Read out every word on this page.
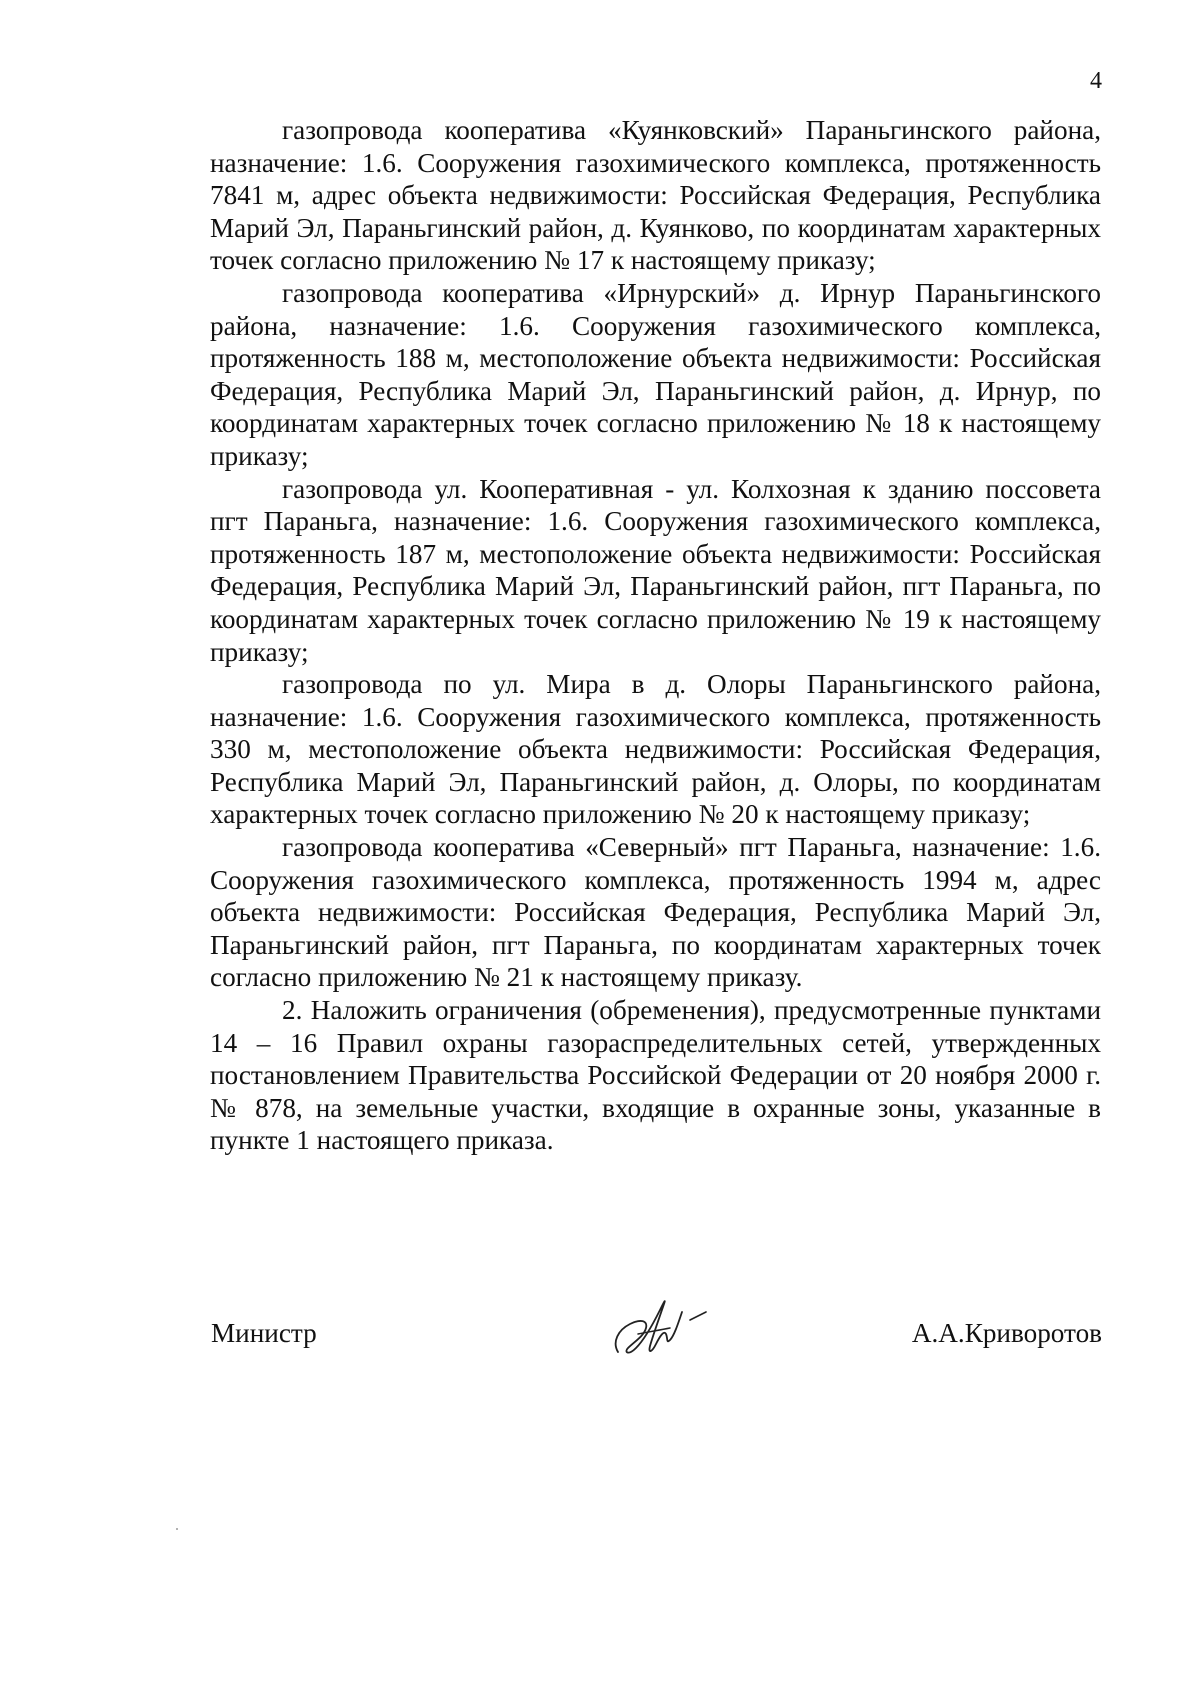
4

газопровода кооператива «Куянковский» Параньгинского района, назначение: 1.6. Сооружения газохимического комплекса, протяженность 7841 м, адрес объекта недвижимости: Российская Федерация, Республика Марий Эл, Параньгинский район, д. Куянково, по координатам характерных точек согласно приложению № 17 к настоящему приказу;

газопровода кооператива «Ирнурский» д. Ирнур Параньгинского района, назначение: 1.6. Сооружения газохимического комплекса, протяженность 188 м, местоположение объекта недвижимости: Российская Федерация, Республика Марий Эл, Параньгинский район, д. Ирнур, по координатам характерных точек согласно приложению № 18 к настоящему приказу;

газопровода ул. Кооперативная - ул. Колхозная к зданию поссовета пгт Параньга, назначение: 1.6. Сооружения газохимического комплекса, протяженность 187 м, местоположение объекта недвижимости: Российская Федерация, Республика Марий Эл, Параньгинский район, пгт Параньга, по координатам характерных точек согласно приложению № 19 к настоящему приказу;

газопровода по ул. Мира в д. Олоры Параньгинского района, назначение: 1.6. Сооружения газохимического комплекса, протяженность 330 м, местоположение объекта недвижимости: Российская Федерация, Республика Марий Эл, Параньгинский район, д. Олоры, по координатам характерных точек согласно приложению № 20 к настоящему приказу;

газопровода кооператива «Северный» пгт Параньга, назначение: 1.6. Сооружения газохимического комплекса, протяженность 1994 м, адрес объекта недвижимости: Российская Федерация, Республика Марий Эл, Параньгинский район, пгт Параньга, по координатам характерных точек согласно приложению № 21 к настоящему приказу.

2. Наложить ограничения (обременения), предусмотренные пунктами 14 – 16 Правил охраны газораспределительных сетей, утвержденных постановлением Правительства Российской Федерации от 20 ноября 2000 г. № 878, на земельные участки, входящие в охранные зоны, указанные в пункте 1 настоящего приказа.

Министр	А.А.Криворотов
